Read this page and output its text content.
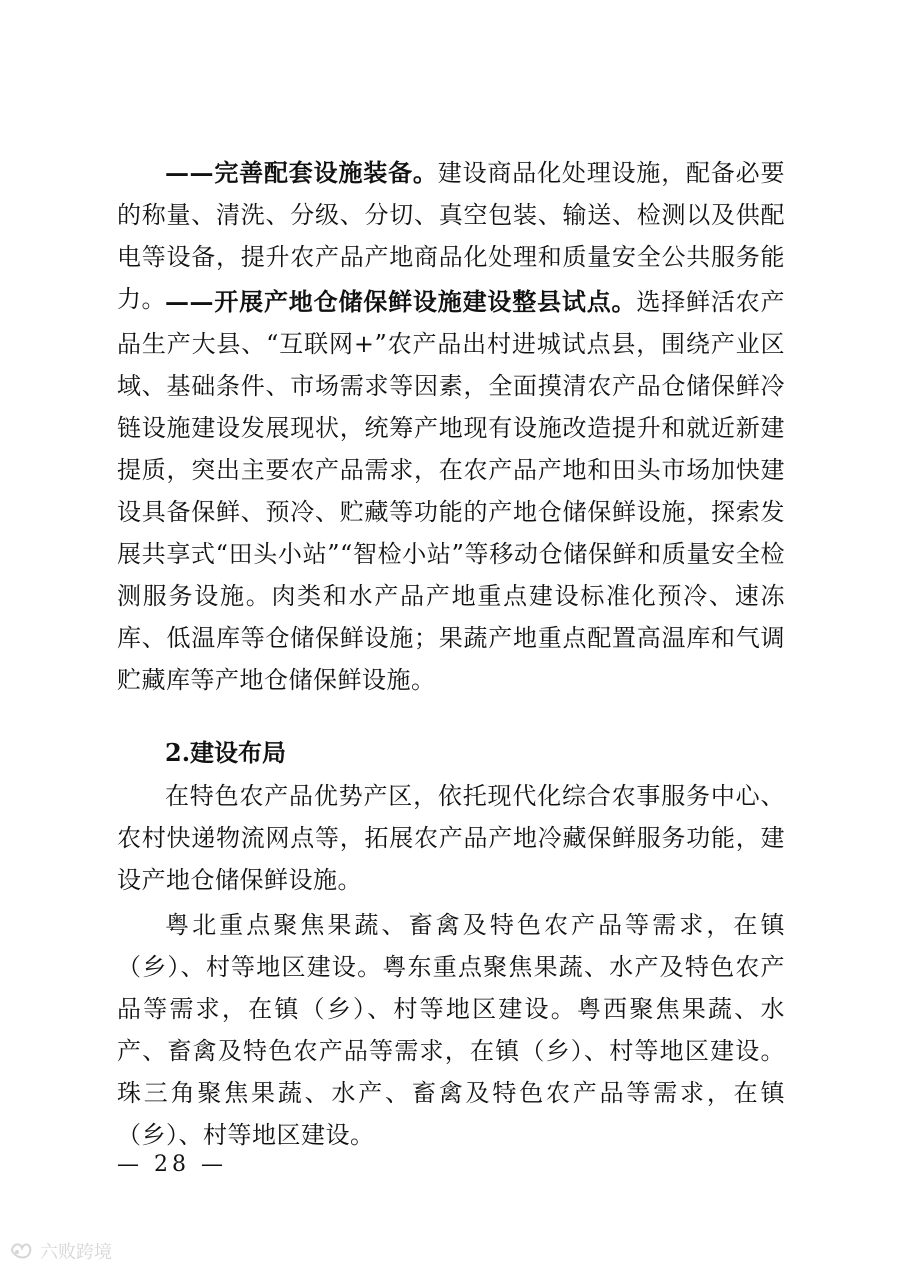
——完善配套设施装备。建设商品化处理设施，配备必要的称量、清洗、分级、分切、真空包装、输送、检测以及供配电等设备，提升农产品产地商品化处理和质量安全公共服务能力。 ——开展产地仓储保鲜设施建设整县试点。选择鲜活农产品生产大县、“互联网+”农产品出村进城试点县，围绕产业区域、基础条件、市场需求等因素，全面摸清农产品仓储保鲜冷链设施建设发展现状，统筹产地现有设施改造提升和就近新建提质，突出主要农产品需求，在农产品产地和田头市场加快建设具备保鲜、预冷、贮藏等功能的产地仓储保鲜设施，探索发展共享式“田头小站”“智检小站”等移动仓储保鲜和质量安全检测服务设施。肉类和水产品产地重点建设标准化预冷、速冻库、低温库等仓储保鲜设施；果蔬产地重点配置高温库和气调贮藏库等产地仓储保鲜设施。

2.建设布局

在特色农产品优势产区，依托现代化综合农事服务中心、农村快递物流网点等，拓展农产品产地冷藏保鲜服务功能，建设产地仓储保鲜设施。

粤北重点聚焦果蔬、畜禽及特色农产品等需求，在镇（乡）、村等地区建设。粤东重点聚焦果蔬、水产及特色农产品等需求，在镇（乡）、村等地区建设。粤西聚焦果蔬、水产、畜禽及特色农产品等需求，在镇（乡）、村等地区建设。珠三角聚焦果蔬、水产、畜禽及特色农产品等需求，在镇（乡）、村等地区建设。

— 28 —
六败跨境
